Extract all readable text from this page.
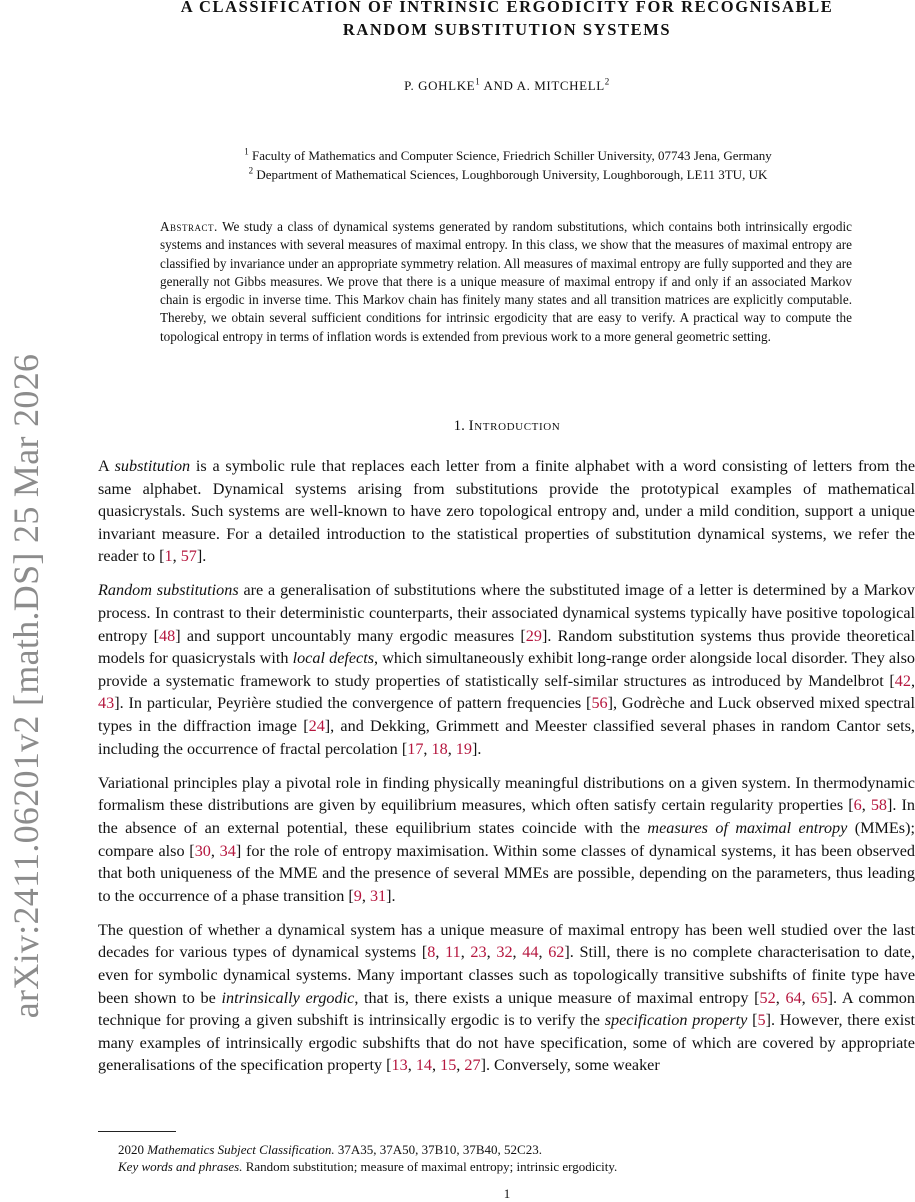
arXiv:2411.06201v2 [math.DS] 25 Mar 2026
A CLASSIFICATION OF INTRINSIC ERGODICITY FOR RECOGNISABLE
RANDOM SUBSTITUTION SYSTEMS
P. GOHLKE$^1$ AND A. MITCHELL$^2$
$^1$ Faculty of Mathematics and Computer Science, Friedrich Schiller University, 07743 Jena, Germany
$^2$ Department of Mathematical Sciences, Loughborough University, Loughborough, LE11 3TU, UK
Abstract. We study a class of dynamical systems generated by random substitutions, which contains both intrinsically ergodic systems and instances with several measures of maximal entropy. In this class, we show that the measures of maximal entropy are classified by invariance under an appropriate symmetry relation. All measures of maximal entropy are fully supported and they are generally not Gibbs measures. We prove that there is a unique measure of maximal entropy if and only if an associated Markov chain is ergodic in inverse time. This Markov chain has finitely many states and all transition matrices are explicitly computable. Thereby, we obtain several sufficient conditions for intrinsic ergodicity that are easy to verify. A practical way to compute the topological entropy in terms of inflation words is extended from previous work to a more general geometric setting.
1. Introduction

A substitution is a symbolic rule that replaces each letter from a finite alphabet with a word consisting of letters from the same alphabet. Dynamical systems arising from substitutions provide the prototypical examples of mathematical quasicrystals. Such systems are well-known to have zero topological entropy and, under a mild condition, support a unique invariant measure. For a detailed introduction to the statistical properties of substitution dynamical systems, we refer the reader to [1, 57].

Random substitutions are a generalisation of substitutions where the substituted image of a letter is determined by a Markov process. In contrast to their deterministic counterparts, their associated dynamical systems typically have positive topological entropy [48] and support uncountably many ergodic measures [29]. Random substitution systems thus provide theoretical models for quasicrystals with local defects, which simultaneously exhibit long-range order alongside local disorder. They also provide a systematic framework to study properties of statistically self-similar structures as introduced by Mandelbrot [42, 43]. In particular, Peyrière studied the convergence of pattern frequencies [56], Godrèche and Luck observed mixed spectral types in the diffraction image [24], and Dekking, Grimmett and Meester classified several phases in random Cantor sets, including the occurrence of fractal percolation [17, 18, 19].

Variational principles play a pivotal role in finding physically meaningful distributions on a given system. In thermodynamic formalism these distributions are given by equilibrium measures, which often satisfy certain regularity properties [6, 58]. In the absence of an external potential, these equilibrium states coincide with the measures of maximal entropy (MMEs); compare also [30, 34] for the role of entropy maximisation. Within some classes of dynamical systems, it has been observed that both uniqueness of the MME and the presence of several MMEs are possible, depending on the parameters, thus leading to the occurrence of a phase transition [9, 31].

The question of whether a dynamical system has a unique measure of maximal entropy has been well studied over the last decades for various types of dynamical systems [8, 11, 23, 32, 44, 62]. Still, there is no complete characterisation to date, even for symbolic dynamical systems. Many important classes such as topologically transitive subshifts of finite type have been shown to be intrinsically ergodic, that is, there exists a unique measure of maximal entropy [52, 64, 65]. A common technique for proving a given subshift is intrinsically ergodic is to verify the specification property [5]. However, there exist many examples of intrinsically ergodic subshifts that do not have specification, some of which are covered by appropriate generalisations of the specification property [13, 14, 15, 27]. Conversely, some weaker

2020 Mathematics Subject Classification. 37A35, 37A50, 37B10, 37B40, 52C23.
Key words and phrases. Random substitution; measure of maximal entropy; intrinsic ergodicity.
1
